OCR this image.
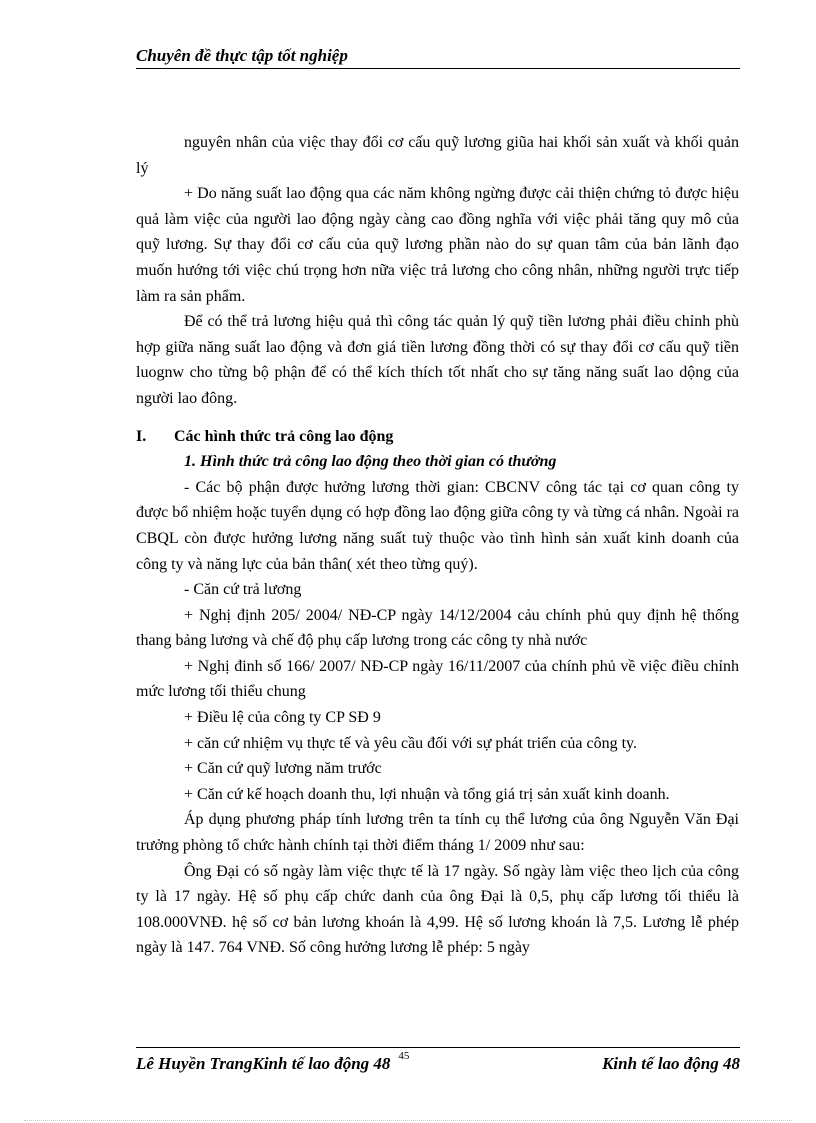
Chuyên đề thực tập tốt nghiệp

nguyên nhân của việc thay đổi cơ cấu quỹ lương giũa hai khối sản xuất và khối quản lý

+ Do năng suất lao động qua các năm không ngừng được cải thiện chứng tỏ được hiệu quả làm việc của người lao động ngày càng cao đồng nghĩa với việc phải tăng quy mô của quỹ lương. Sự thay đổi cơ cấu của quỹ lương phần nào do sự quan tâm của bản lãnh đạo muốn hướng tới việc chú trọng hơn nữa việc trả lương cho công nhân, những người trực tiếp làm ra sản phẩm.

Để có thể trả lương hiệu quả thì công tác quản lý quỹ tiền lương phải điều chỉnh phù hợp giữa năng suất lao động và đơn giá tiền lương đồng thời có sự thay đổi cơ cấu quỹ tiền luognw cho từng bộ phận để có thể kích thích tốt nhất cho sự tăng năng suất lao dộng của người lao đông.

I.	Các hình thức trả công lao động

1. Hình thức trả công lao động theo thời gian có thưởng

- Các bộ phận được hưởng lương thời gian: CBCNV công tác tại cơ quan công ty được bổ nhiệm hoặc tuyển dụng có hợp đồng lao động giữa công ty và từng cá nhân. Ngoài ra CBQL còn được hưởng lương năng suất tuỳ thuộc vào tình hình sản xuất kinh doanh của công ty và năng lực của bản thân( xét theo từng quý).

- Căn cứ trả lương

+ Nghị định 205/ 2004/ NĐ-CP ngày 14/12/2004 cảu chính phủ quy định hệ thống thang bảng lương và chế độ phụ cấp lương trong các công ty nhà nước

+ Nghị đinh số 166/ 2007/ NĐ-CP ngày 16/11/2007 của chính phủ về việc điều chỉnh mức lương tối thiểu chung

+ Điều lệ của công ty CP SĐ 9

+ căn cứ nhiệm vụ thực tế và yêu cầu đối với sự phát triển của công ty.

+ Căn cứ quỹ lương năm trước

+ Căn cứ kế hoạch doanh thu, lợi nhuận và tổng giá trị sản xuất kinh doanh.

Áp dụng phương pháp tính lương trên ta tính cụ thể lương của ông Nguyễn Văn Đại trưởng phòng tổ chức hành chính tại thời điểm tháng 1/ 2009 như sau:

Ông Đại có số ngày làm việc thực tế là 17 ngày. Số ngày làm việc theo lịch của công ty là 17 ngày. Hệ số phụ cấp chức danh của ông Đại là 0,5, phụ cấp lương tối thiểu là 108.000VNĐ. hệ số cơ bản lương khoán là 4,99. Hệ số lương khoán là 7,5. Lương lễ phép ngày là 147. 764 VNĐ. Số công hưởng lương lễ phép: 5 ngày

Lê Huyền TrangKinh tế lao động 48 45	Kinh tế lao động 48
